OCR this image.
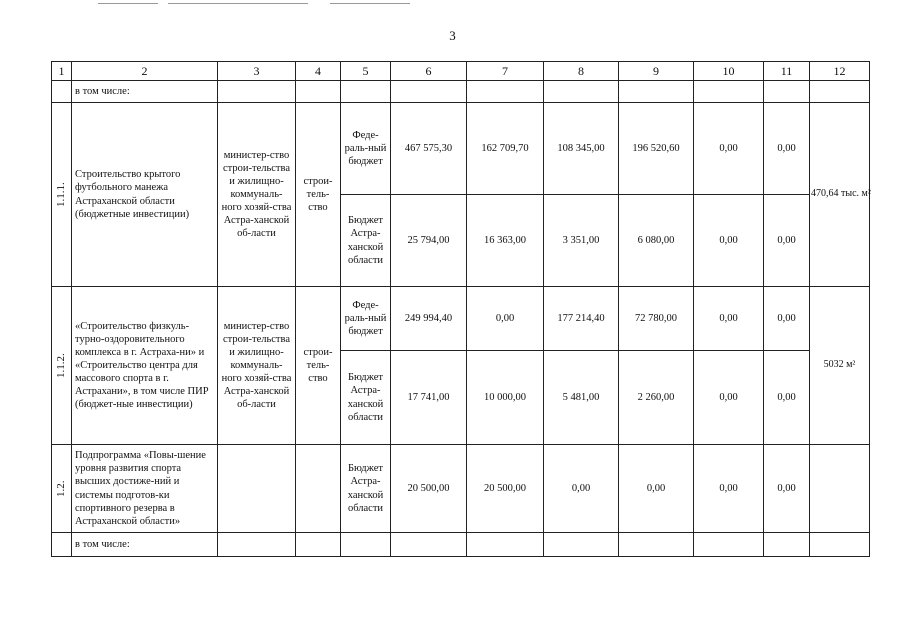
3
1	2	3	4	5	6	7	8	9	10	11	12
	в том числе:										
1.1.1.	Строительство крытого футбольного манежа Астраханской области (бюджетные инвестиции)	министер-ство строи-тельства и жилищно-коммуналь-ного хозяй-ства Астра-ханской об-ласти	строи-тель-ство	Феде-раль-ный бюджет	467 575,30	162 709,70	108 345,00	196 520,60	0,00	0,00	470,64 тыс. м²
				Бюджет Астра-ханской области	25 794,00	16 363,00	3 351,00	6 080,00	0,00	0,00	
1.1.2.	«Строительство физкуль-турно-оздоровительного комплекса в г. Астраха-ни» и «Строительство центра для массового спорта в г. Астрахани», в том числе ПИР (бюджет-ные инвестиции)	министер-ство строи-тельства и жилищно-коммуналь-ного хозяй-ства Астра-ханской об-ласти	строи-тель-ство	Феде-раль-ный бюджет	249 994,40	0,00	177 214,40	72 780,00	0,00	0,00	5032 м²
				Бюджет Астра-ханской области	17 741,00	10 000,00	5 481,00	2 260,00	0,00	0,00	
1.2.	Подпрограмма «Повы-шение уровня развития спорта высших достиже-ний и системы подготов-ки спортивного резерва в Астраханской области»			Бюджет Астра-ханской области	20 500,00	20 500,00	0,00	0,00	0,00	0,00	
	в том числе:										
